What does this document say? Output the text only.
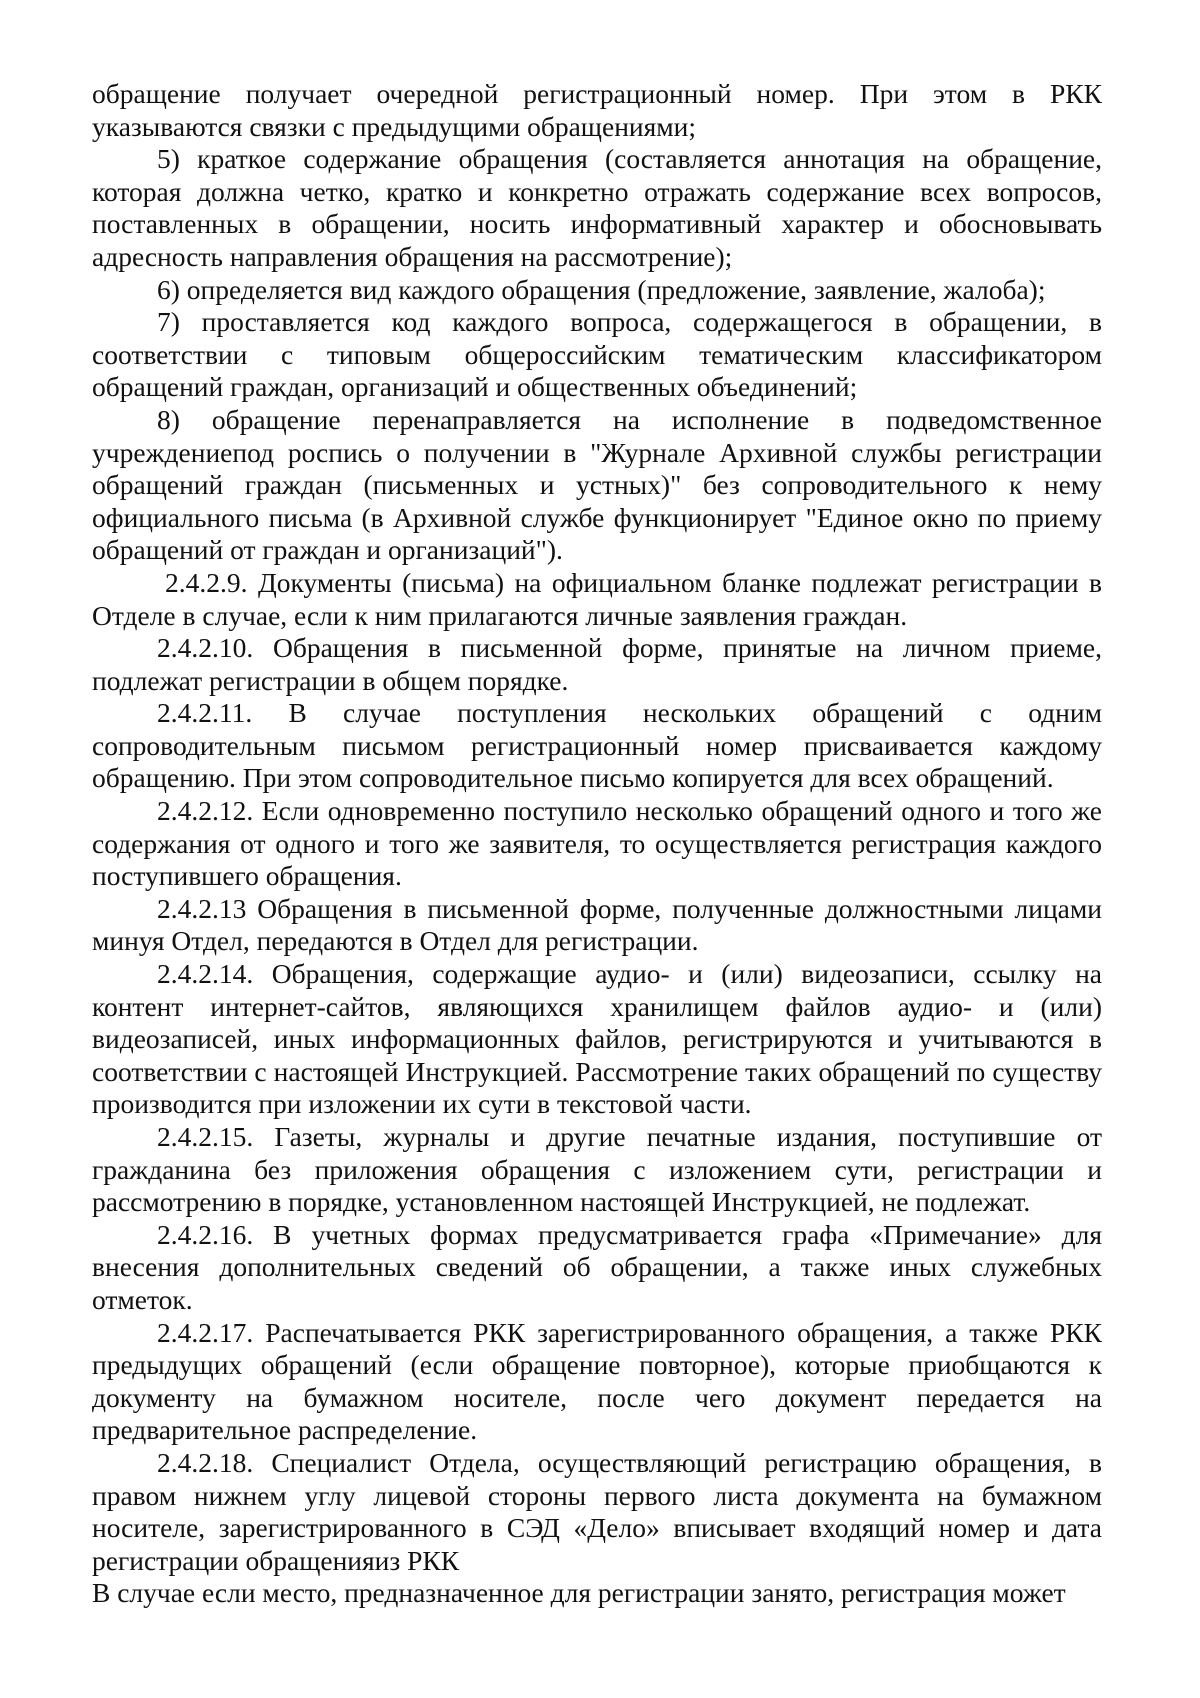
обращение получает очередной регистрационный номер. При этом в РКК указываются связки с предыдущими обращениями;

5) краткое содержание обращения (составляется аннотация на обращение, которая должна четко, кратко и конкретно отражать содержание всех вопросов, поставленных в обращении, носить информативный характер и обосновывать адресность направления обращения на рассмотрение);

6) определяется вид каждого обращения (предложение, заявление, жалоба);

7) проставляется код каждого вопроса, содержащегося в обращении, в соответствии с типовым общероссийским тематическим классификатором обращений граждан, организаций и общественных объединений;

8) обращение перенаправляется на исполнение в подведомственное учреждениепод роспись о получении в "Журнале Архивной службы регистрации обращений граждан (письменных и устных)" без сопроводительного к нему официального письма (в Архивной службе функционирует "Единое окно по приему обращений от граждан и организаций").

2.4.2.9. Документы (письма) на официальном бланке подлежат регистрации в Отделе в случае, если к ним прилагаются личные заявления граждан.

2.4.2.10. Обращения в письменной форме, принятые на личном приеме, подлежат регистрации в общем порядке.

2.4.2.11. В случае поступления нескольких обращений с одним сопроводительным письмом регистрационный номер присваивается каждому обращению. При этом сопроводительное письмо копируется для всех обращений.

2.4.2.12. Если одновременно поступило несколько обращений одного и того же содержания от одного и того же заявителя, то осуществляется регистрация каждого поступившего обращения.

2.4.2.13 Обращения в письменной форме, полученные должностными лицами минуя Отдел, передаются в Отдел для регистрации.

2.4.2.14. Обращения, содержащие аудио- и (или) видеозаписи, ссылку на контент интернет-сайтов, являющихся хранилищем файлов аудио- и (или) видеозаписей, иных информационных файлов, регистрируются и учитываются в соответствии с настоящей Инструкцией. Рассмотрение таких обращений по существу производится при изложении их сути в текстовой части.

2.4.2.15. Газеты, журналы и другие печатные издания, поступившие от гражданина без приложения обращения с изложением сути, регистрации и рассмотрению в порядке, установленном настоящей Инструкцией, не подлежат.

2.4.2.16. В учетных формах предусматривается графа «Примечание» для внесения дополнительных сведений об обращении, а также иных служебных отметок.

2.4.2.17. Распечатывается РКК зарегистрированного обращения, а также РКК предыдущих обращений (если обращение повторное), которые приобщаются к документу на бумажном носителе, после чего документ передается на предварительное распределение.

2.4.2.18. Специалист Отдела, осуществляющий регистрацию обращения, в правом нижнем углу лицевой стороны первого листа документа на бумажном носителе, зарегистрированного в СЭД «Дело» вписывает входящий номер и дата регистрации обращенияиз РКК

В случае если место, предназначенное для регистрации занято, регистрация может
